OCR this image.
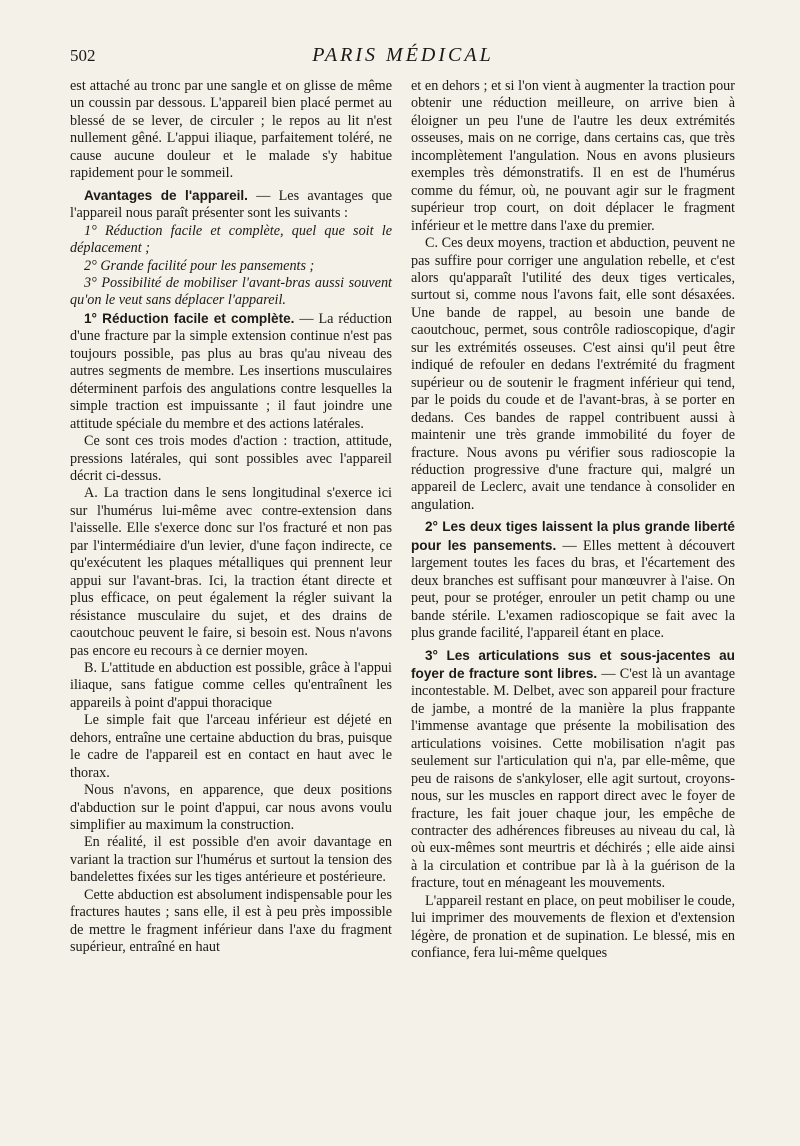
502	PARIS MÉDICAL

est attaché au tronc par une sangle et on glisse de même un coussin par dessous. L'appareil bien placé permet au blessé de se lever, de circuler ; le repos au lit n'est nullement gêné. L'appui iliaque, parfaitement toléré, ne cause aucune douleur et le malade s'y habitue rapidement pour le sommeil.

Avantages de l'appareil. — Les avantages que l'appareil nous paraît présenter sont les suivants :

1° Réduction facile et complète, quel que soit le déplacement ;

2° Grande facilité pour les pansements ;

3° Possibilité de mobiliser l'avant-bras aussi souvent qu'on le veut sans déplacer l'appareil.

1° Réduction facile et complète. — La réduction d'une fracture par la simple extension continue n'est pas toujours possible, pas plus au bras qu'au niveau des autres segments de membre. Les insertions musculaires déterminent parfois des angulations contre lesquelles la simple traction est impuissante ; il faut joindre une attitude spéciale du membre et des actions latérales.

Ce sont ces trois modes d'action : traction, attitude, pressions latérales, qui sont possibles avec l'appareil décrit ci-dessus.

A. La traction dans le sens longitudinal s'exerce ici sur l'humérus lui-même avec contre-extension dans l'aisselle. Elle s'exerce donc sur l'os fracturé et non pas par l'intermédiaire d'un levier, d'une façon indirecte, ce qu'exécutent les plaques métalliques qui prennent leur appui sur l'avant-bras. Ici, la traction étant directe et plus efficace, on peut également la régler suivant la résistance musculaire du sujet, et des drains de caoutchouc peuvent le faire, si besoin est. Nous n'avons pas encore eu recours à ce dernier moyen.

B. L'attitude en abduction est possible, grâce à l'appui iliaque, sans fatigue comme celles qu'entraînent les appareils à point d'appui thoracique

Le simple fait que l'arceau inférieur est déjeté en dehors, entraîne une certaine abduction du bras, puisque le cadre de l'appareil est en contact en haut avec le thorax.

Nous n'avons, en apparence, que deux positions d'abduction sur le point d'appui, car nous avons voulu simplifier au maximum la construction.

En réalité, il est possible d'en avoir davantage en variant la traction sur l'humérus et surtout la tension des bandelettes fixées sur les tiges antérieure et postérieure.

Cette abduction est absolument indispensable pour les fractures hautes ; sans elle, il est à peu près impossible de mettre le fragment inférieur dans l'axe du fragment supérieur, entraîné en haut

et en dehors ; et si l'on vient à augmenter la traction pour obtenir une réduction meilleure, on arrive bien à éloigner un peu l'une de l'autre les deux extrémités osseuses, mais on ne corrige, dans certains cas, que très incomplètement l'angulation. Nous en avons plusieurs exemples très démonstratifs. Il en est de l'humérus comme du fémur, où, ne pouvant agir sur le fragment supérieur trop court, on doit déplacer le fragment inférieur et le mettre dans l'axe du premier.

C. Ces deux moyens, traction et abduction, peuvent ne pas suffire pour corriger une angulation rebelle, et c'est alors qu'apparaît l'utilité des deux tiges verticales, surtout si, comme nous l'avons fait, elle sont désaxées. Une bande de rappel, au besoin une bande de caoutchouc, permet, sous contrôle radioscopique, d'agir sur les extrémités osseuses. C'est ainsi qu'il peut être indiqué de refouler en dedans l'extrémité du fragment supérieur ou de soutenir le fragment inférieur qui tend, par le poids du coude et de l'avant-bras, à se porter en dedans. Ces bandes de rappel contribuent aussi à maintenir une très grande immobilité du foyer de fracture. Nous avons pu vérifier sous radioscopie la réduction progressive d'une fracture qui, malgré un appareil de Leclerc, avait une tendance à consolider en angulation.

2° Les deux tiges laissent la plus grande liberté pour les pansements. — Elles mettent à découvert largement toutes les faces du bras, et l'écartement des deux branches est suffisant pour manœuvrer à l'aise. On peut, pour se protéger, enrouler un petit champ ou une bande stérile. L'examen radioscopique se fait avec la plus grande facilité, l'appareil étant en place.

3° Les articulations sus et sous-jacentes au foyer de fracture sont libres. — C'est là un avantage incontestable. M. Delbet, avec son appareil pour fracture de jambe, a montré de la manière la plus frappante l'immense avantage que présente la mobilisation des articulations voisines. Cette mobilisation n'agit pas seulement sur l'articulation qui n'a, par elle-même, que peu de raisons de s'ankyloser, elle agit surtout, croyons-nous, sur les muscles en rapport direct avec le foyer de fracture, les fait jouer chaque jour, les empêche de contracter des adhérences fibreuses au niveau du cal, là où eux-mêmes sont meurtris et déchirés ; elle aide ainsi à la circulation et contribue par là à la guérison de la fracture, tout en ménageant les mouvements.

L'appareil restant en place, on peut mobiliser le coude, lui imprimer des mouvements de flexion et d'extension légère, de pronation et de supination. Le blessé, mis en confiance, fera lui-même quelques
